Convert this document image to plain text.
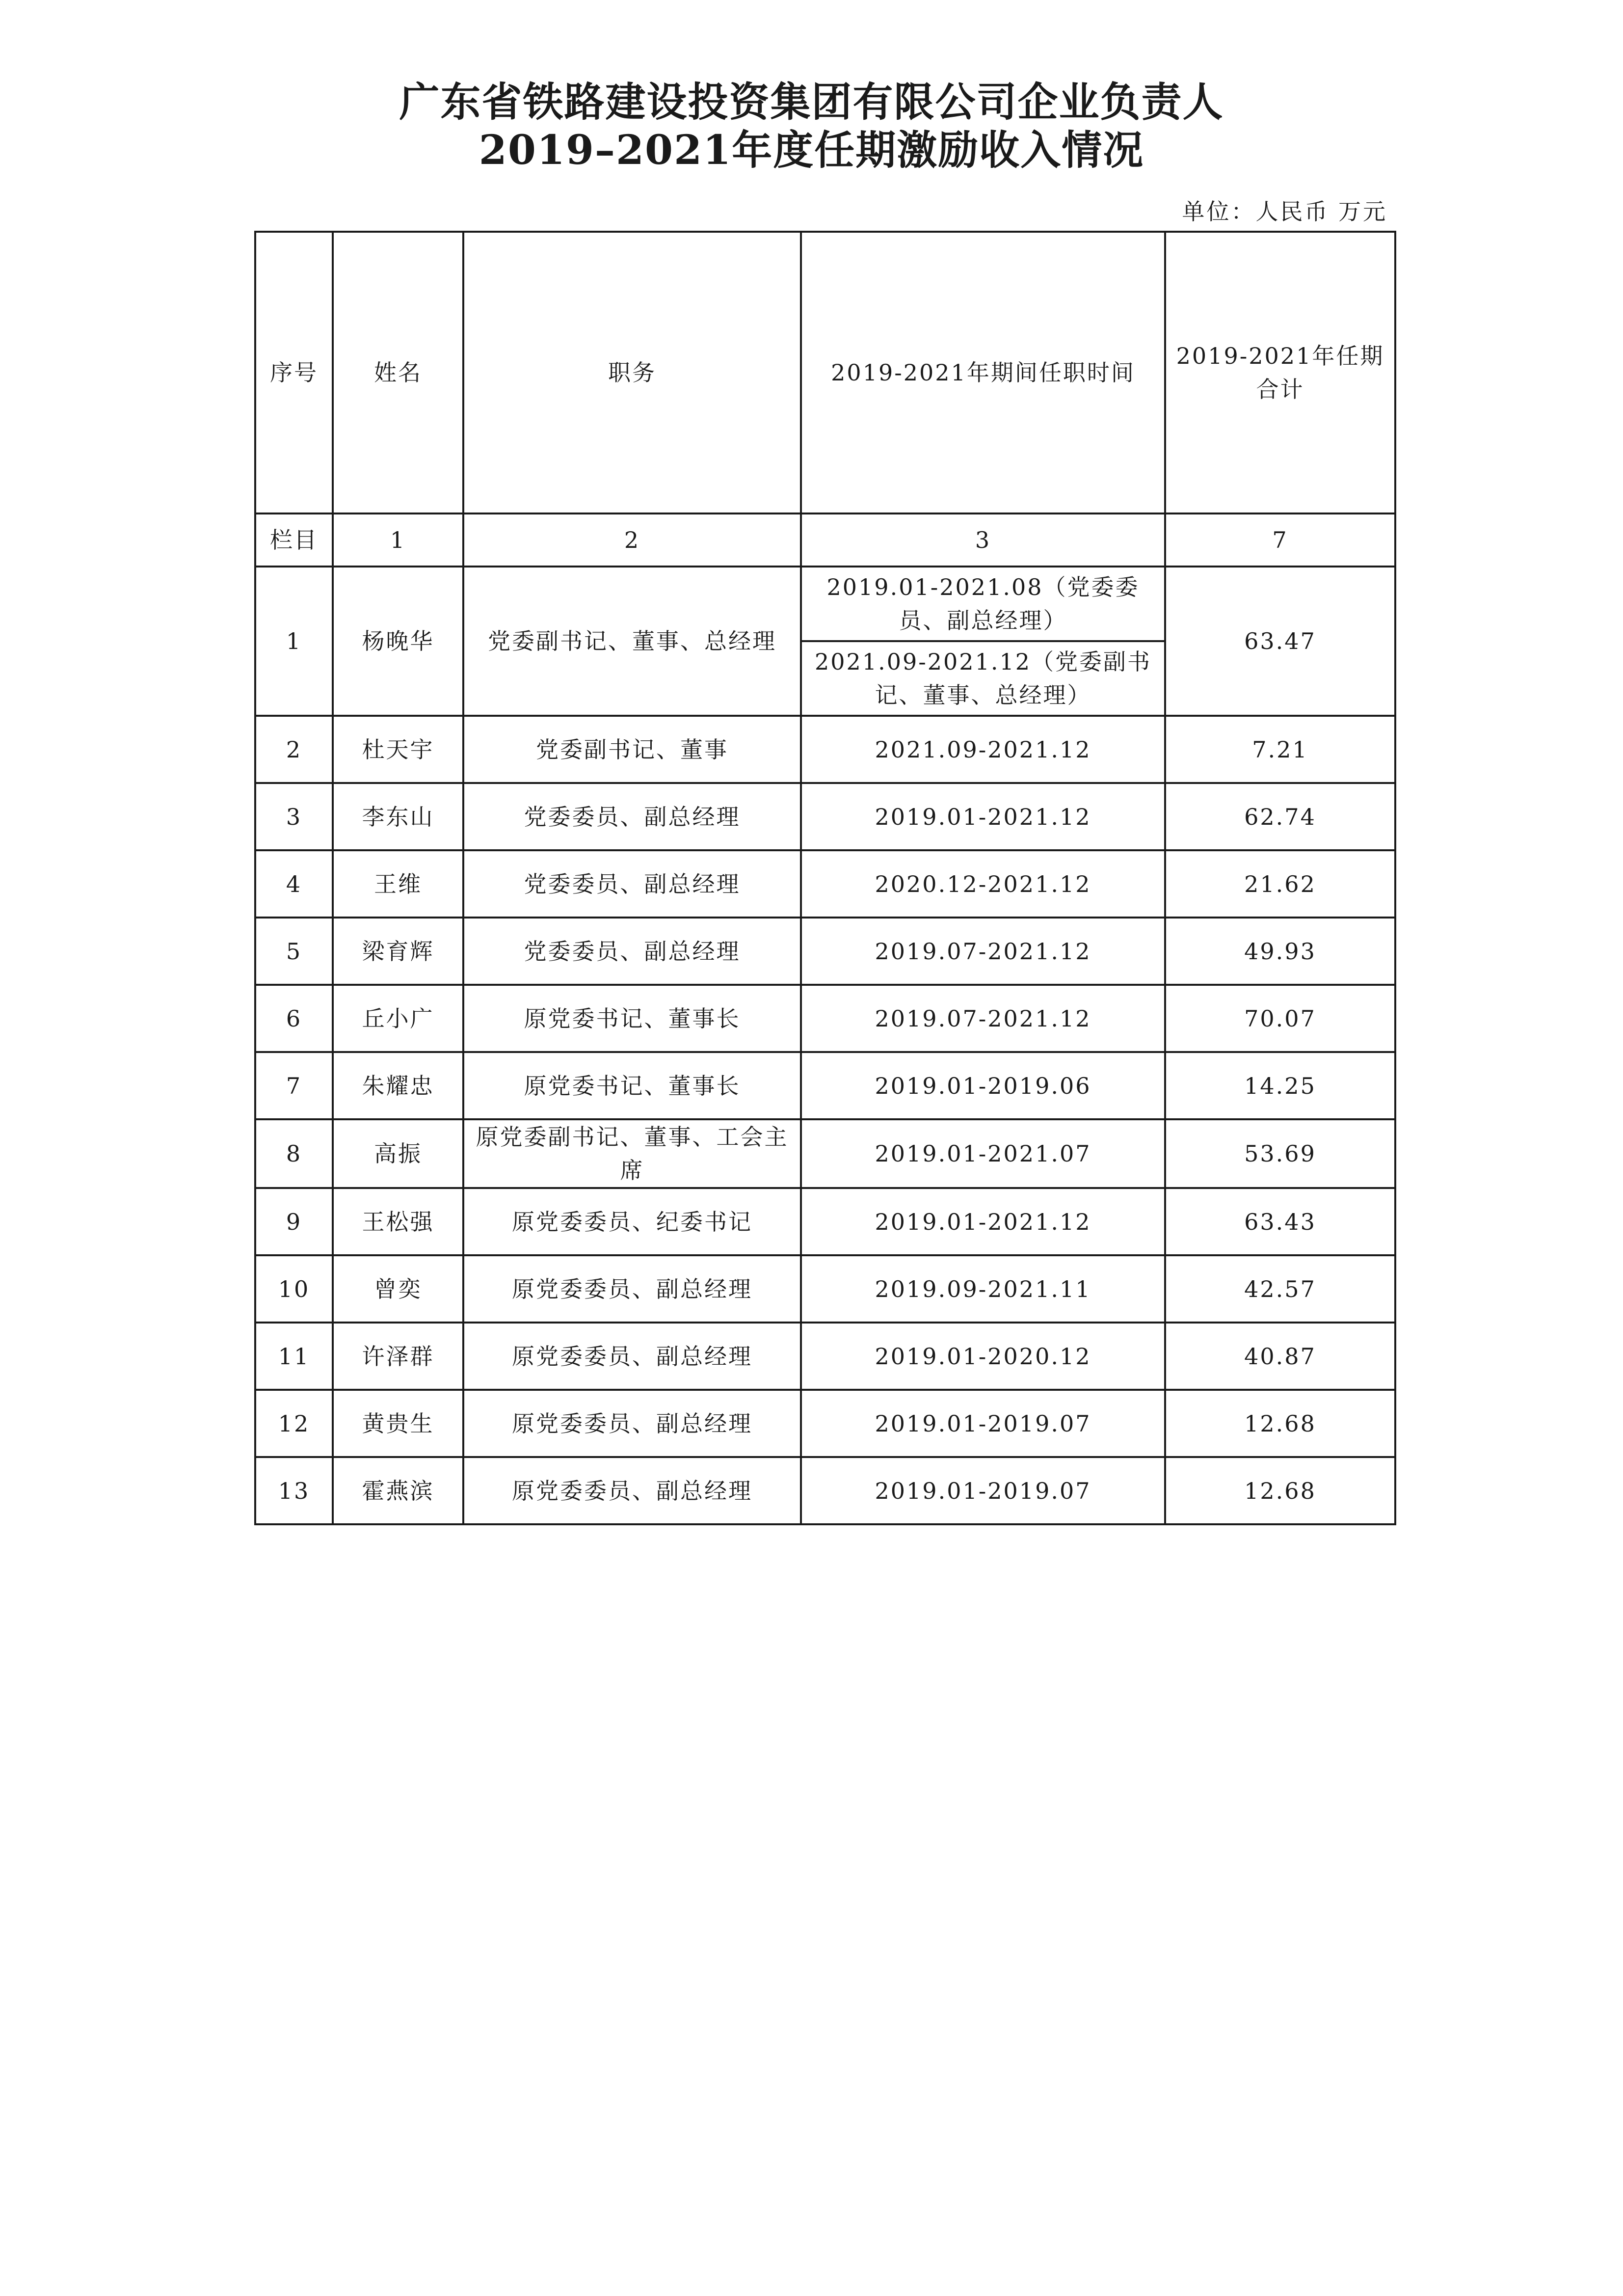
广东省铁路建设投资集团有限公司企业负责人
2019–2021年度任期激励收入情况
单位：人民币 万元
序号	姓名	职务	2019-2021年期间任职时间	2019-2021年任期合计
栏目	1	2	3	7
1	杨晚华	党委副书记、董事、总经理	2019.01-2021.08（党委委员、副总经理）	63.47
			2021.09-2021.12（党委副书记、董事、总经理）	
2	杜天宇	党委副书记、董事	2021.09-2021.12	7.21
3	李东山	党委委员、副总经理	2019.01-2021.12	62.74
4	王维	党委委员、副总经理	2020.12-2021.12	21.62
5	梁育辉	党委委员、副总经理	2019.07-2021.12	49.93
6	丘小广	原党委书记、董事长	2019.07-2021.12	70.07
7	朱耀忠	原党委书记、董事长	2019.01-2019.06	14.25
8	高振	原党委副书记、董事、工会主席	2019.01-2021.07	53.69
9	王松强	原党委委员、纪委书记	2019.01-2021.12	63.43
10	曾奕	原党委委员、副总经理	2019.09-2021.11	42.57
11	许泽群	原党委委员、副总经理	2019.01-2020.12	40.87
12	黄贵生	原党委委员、副总经理	2019.01-2019.07	12.68
13	霍燕滨	原党委委员、副总经理	2019.01-2019.07	12.68
